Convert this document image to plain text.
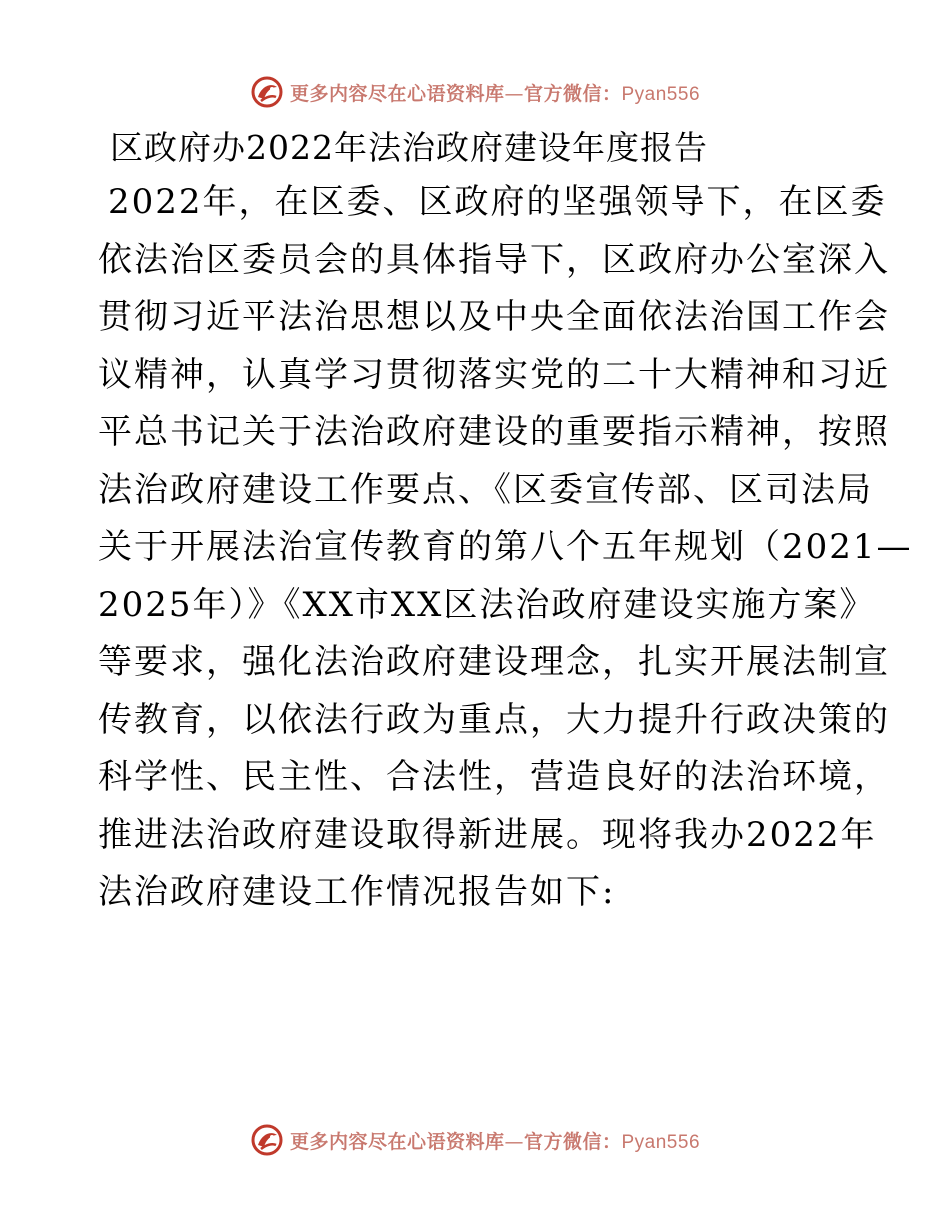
更多内容尽在心语资料库—官方微信：Pyan556
区政府办2022年法治政府建设年度报告
2022年，在区委、区政府的坚强领导下，在区委
依法治区委员会的具体指导下，区政府办公室深入
贯彻习近平法治思想以及中央全面依法治国工作会
议精神，认真学习贯彻落实党的二十大精神和习近
平总书记关于法治政府建设的重要指示精神，按照
法治政府建设工作要点、《区委宣传部、区司法局
关于开展法治宣传教育的第八个五年规划（2021—
2025年）》《XX市XX区法治政府建设实施方案》
等要求，强化法治政府建设理念，扎实开展法制宣
传教育，以依法行政为重点，大力提升行政决策的
科学性、民主性、合法性，营造良好的法治环境，
推进法治政府建设取得新进展。现将我办2022年
法治政府建设工作情况报告如下:
更多内容尽在心语资料库—官方微信：Pyan556
